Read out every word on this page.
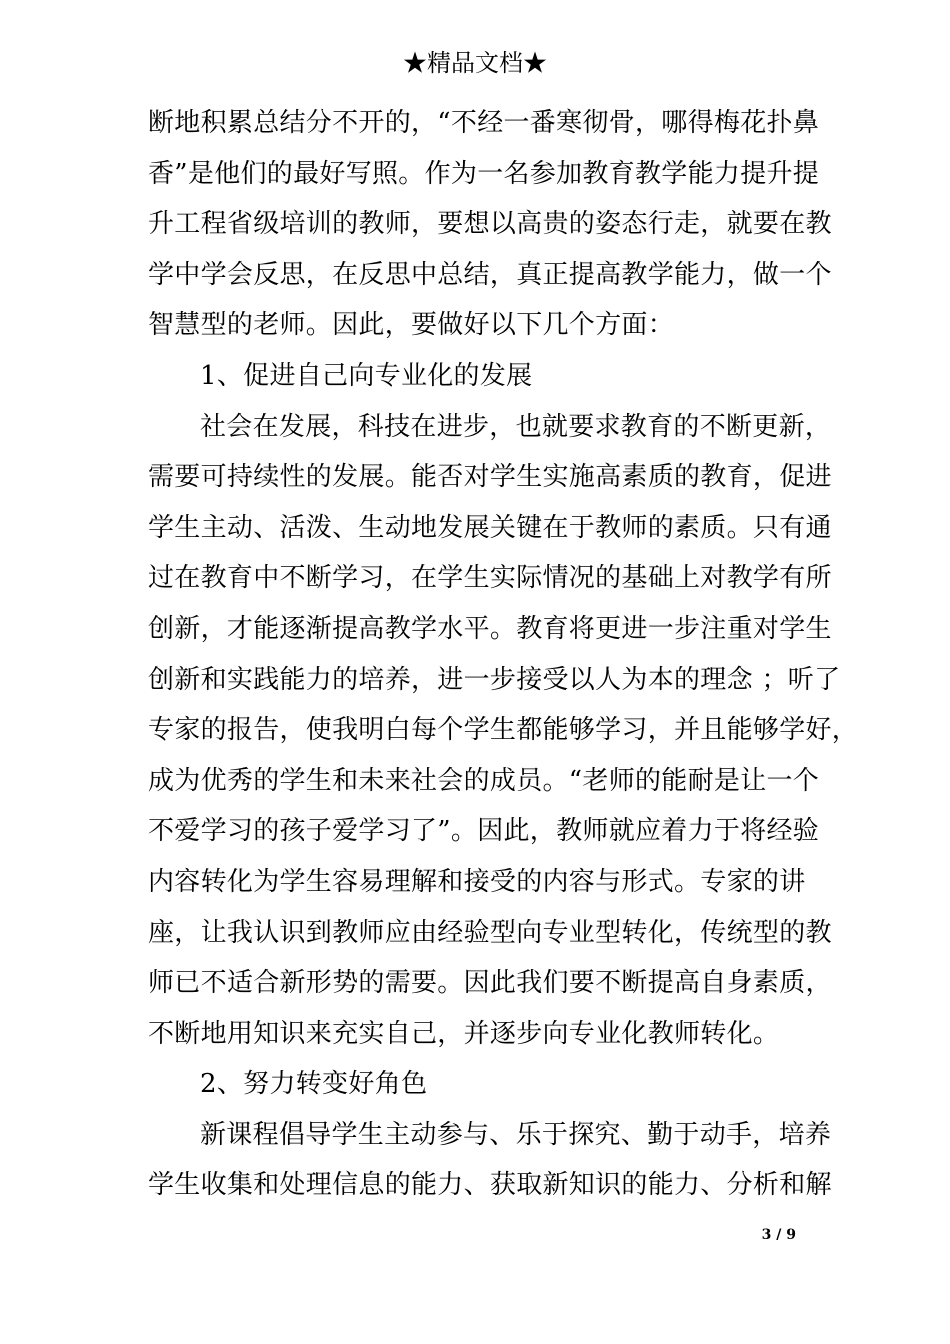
★精品文档★
断地积累总结分不开的，“不经一番寒彻骨，哪得梅花扑鼻
香”是他们的最好写照。作为一名参加教育教学能力提升提
升工程省级培训的教师，要想以高贵的姿态行走，就要在教
学中学会反思，在反思中总结，真正提高教学能力，做一个
智慧型的老师。因此，要做好以下几个方面：
1、促进自己向专业化的发展
社会在发展，科技在进步，也就要求教育的不断更新，
需要可持续性的发展。能否对学生实施高素质的教育，促进
学生主动、活泼、生动地发展关键在于教师的素质。只有通
过在教育中不断学习，在学生实际情况的基础上对教学有所
创新，才能逐渐提高教学水平。教育将更进一步注重对学生
创新和实践能力的培养，进一步接受以人为本的理念 ；听了
专家的报告，使我明白每个学生都能够学习，并且能够学好，
成为优秀的学生和未来社会的成员。“老师的能耐是让一个
不爱学习的孩子爱学习了”。因此，教师就应着力于将经验
内容转化为学生容易理解和接受的内容与形式。专家的讲
座，让我认识到教师应由经验型向专业型转化，传统型的教
师已不适合新形势的需要。因此我们要不断提高自身素质，
不断地用知识来充实自己，并逐步向专业化教师转化。
2、努力转变好角色
新课程倡导学生主动参与、乐于探究、勤于动手，培养
学生收集和处理信息的能力、获取新知识的能力、分析和解
3 / 9
